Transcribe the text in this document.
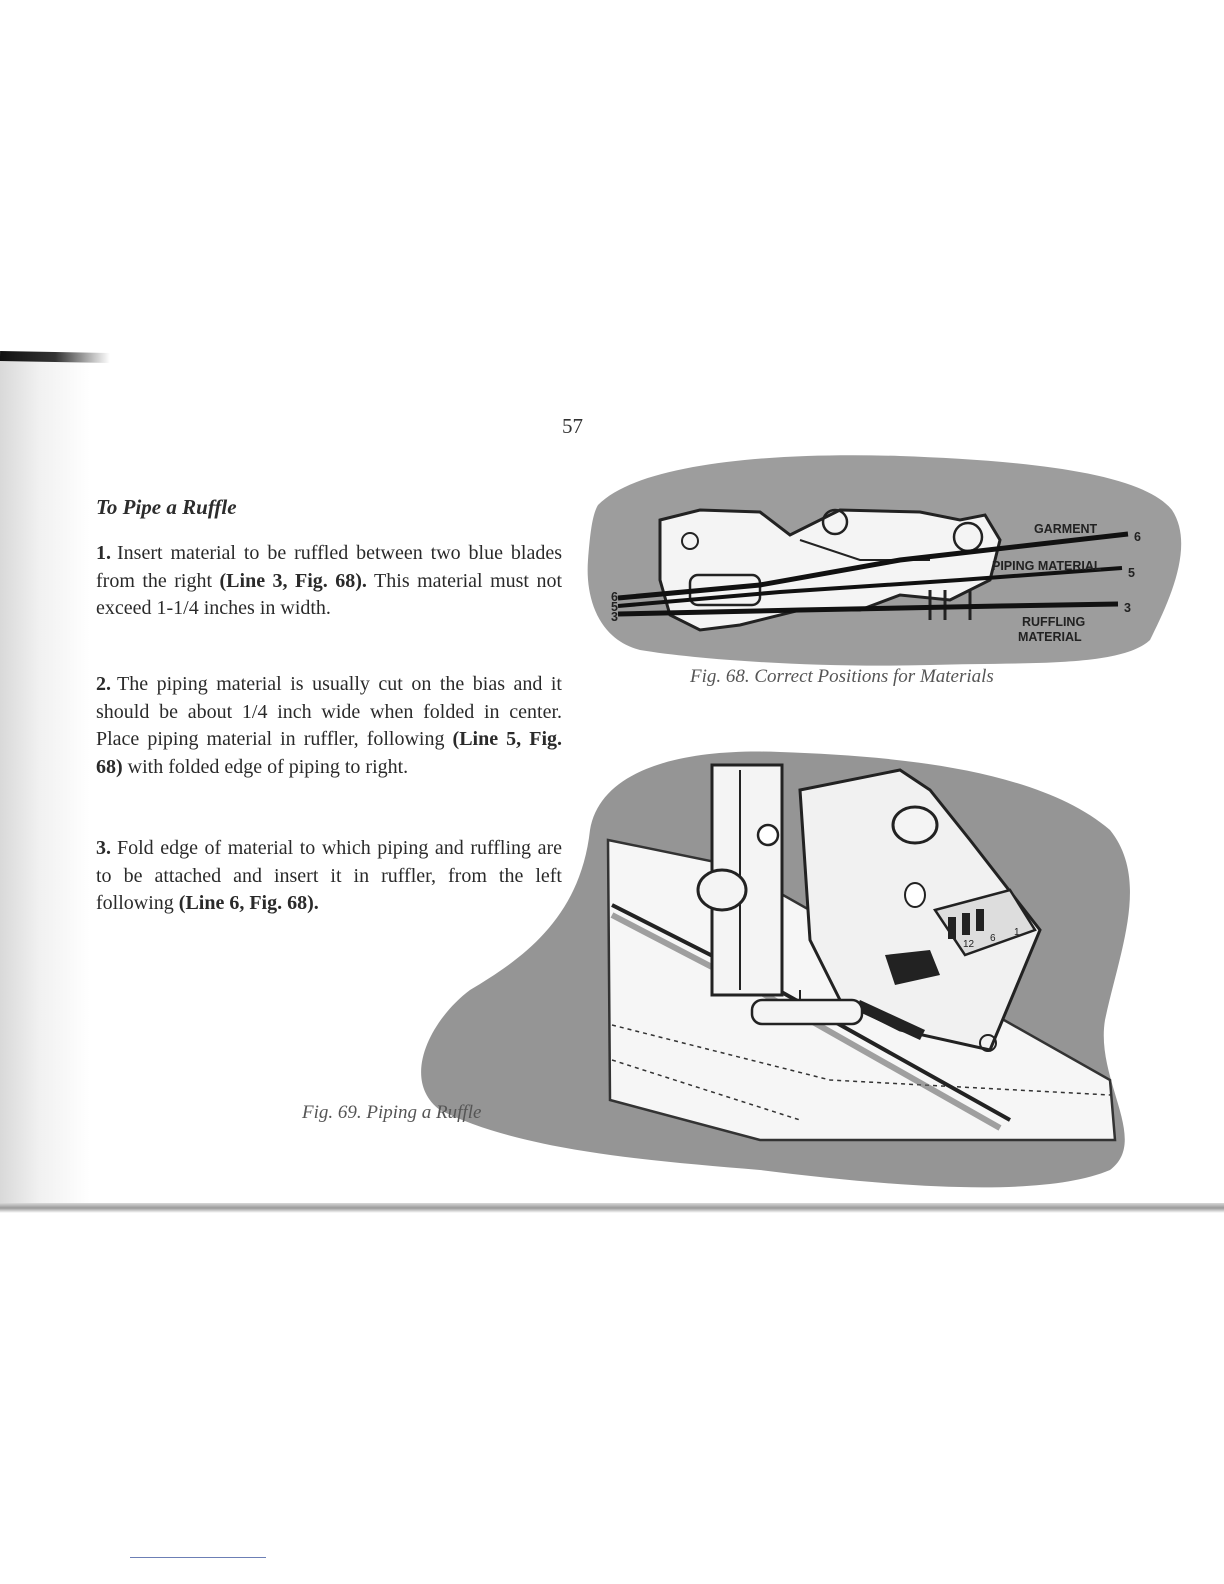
57
To Pipe a Ruffle
1. Insert material to be ruffled between two blue blades from the right (Line 3, Fig. 68). This material must not exceed 1-1/4 inches in width.
2. The piping material is usually cut on the bias and it should be about 1/4 inch wide when folded in center. Place piping material in ruffler, following (Line 5, Fig. 68) with folded edge of piping to right.
3. Fold edge of material to which piping and ruffling are to be attached and insert it in ruffler, from the left following (Line 6, Fig. 68).
GARMENT
PIPING MATERIAL
RUFFLING
MATERIAL
6
5
3
6
5
3
12
6
1
Fig. 68. Correct Positions for Materials
Fig. 69. Piping a Ruffle
